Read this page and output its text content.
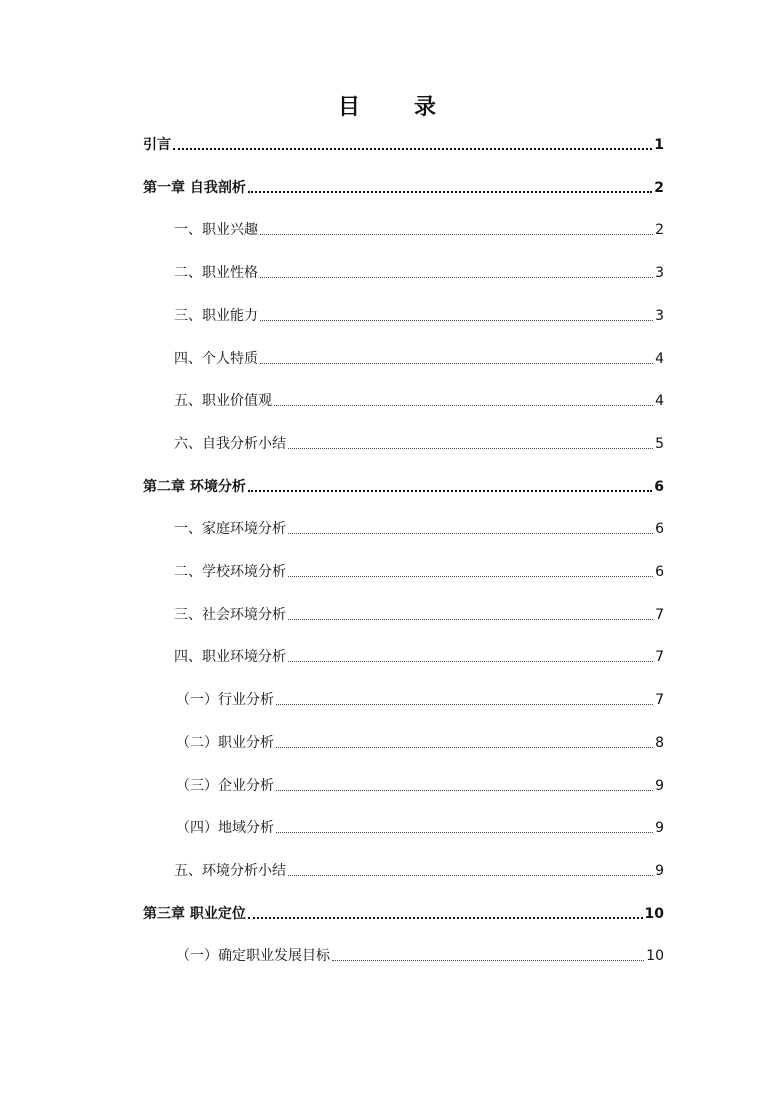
目　录
引言	1
第一章 自我剖析	2
一、职业兴趣	2
二、职业性格	3
三、职业能力	3
四、个人特质	4
五、职业价值观	4
六、自我分析小结	5
第二章 环境分析	6
一、家庭环境分析	6
二、学校环境分析	6
三、社会环境分析	7
四、职业环境分析	7
（一）行业分析	7
（二）职业分析	8
（三）企业分析	9
（四）地域分析	9
五、环境分析小结	9
第三章 职业定位	10
（一）确定职业发展目标	10
